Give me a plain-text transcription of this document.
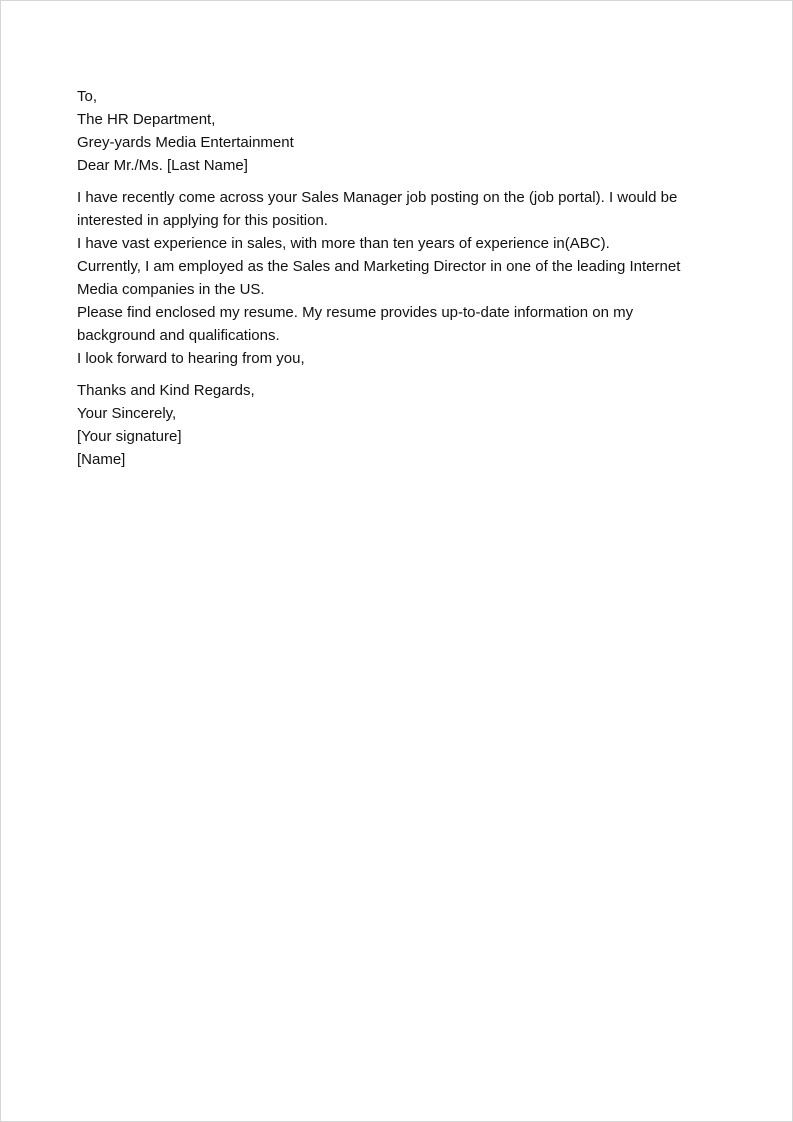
To,

The HR Department,

Grey-yards Media Entertainment

Dear Mr./Ms. [Last Name]

I have recently come across your Sales Manager job posting on the (job portal). I would be

interested in applying for this position.

I have vast experience in sales, with more than ten years of experience in(ABC).

Currently, I am employed as the Sales and Marketing Director in one of the leading Internet

Media companies in the US.

Please find enclosed my resume. My resume provides up-to-date information on my

background and qualifications.

I look forward to hearing from you,

Thanks and Kind Regards,

Your Sincerely,

[Your signature]

[Name]
